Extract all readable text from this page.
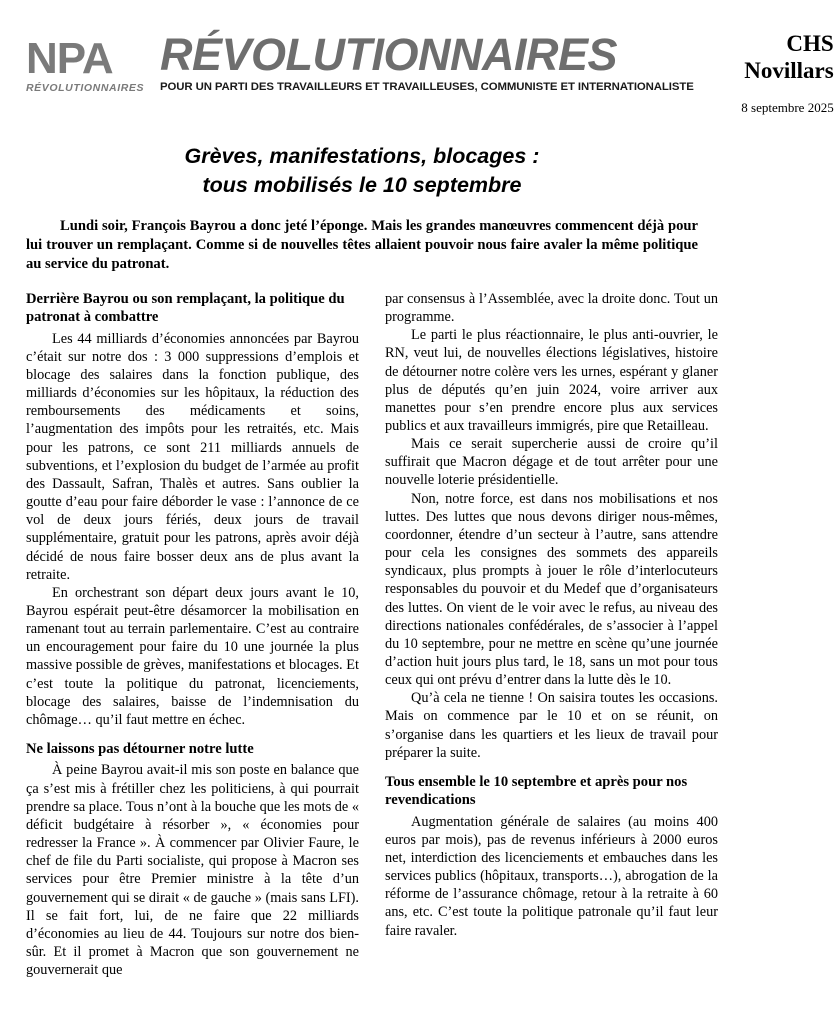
NPA
RÉVOLUTIONNAIRES
RÉVOLUTIONNAIRES
POUR UN PARTI DES TRAVAILLEURS ET TRAVAILLEUSES, COMMUNISTE ET INTERNATIONALISTE
CHS
Novillars
8 septembre 2025
Grèves, manifestations, blocages :
tous mobilisés le 10 septembre
Lundi soir, François Bayrou a donc jeté l’éponge. Mais les grandes manœuvres commencent déjà pour lui trouver un remplaçant. Comme si de nouvelles têtes allaient pouvoir nous faire avaler la même politique au service du patronat.
Derrière Bayrou ou son remplaçant, la politique du patronat à combattre

Les 44 milliards d’économies annoncées par Bayrou c’était sur notre dos : 3 000 suppressions d’emplois et blocage des salaires dans la fonction publique, des milliards d’économies sur les hôpitaux, la réduction des remboursements des médicaments et soins, l’augmentation des impôts pour les retraités, etc. Mais pour les patrons, ce sont 211 milliards annuels de subventions, et l’explosion du budget de l’armée au profit des Dassault, Safran, Thalès et autres. Sans oublier la goutte d’eau pour faire déborder le vase : l’annonce de ce vol de deux jours fériés, deux jours de travail supplémentaire, gratuit pour les patrons, après avoir déjà décidé de nous faire bosser deux ans de plus avant la retraite.

En orchestrant son départ deux jours avant le 10, Bayrou espérait peut-être désamorcer la mobilisation en ramenant tout au terrain parlementaire. C’est au contraire un encouragement pour faire du 10 une journée la plus massive possible de grèves, manifestations et blocages. Et c’est toute la politique du patronat, licenciements, blocage des salaires, baisse de l’indemnisation du chômage… qu’il faut mettre en échec.

Ne laissons pas détourner notre lutte

À peine Bayrou avait-il mis son poste en balance que ça s’est mis à frétiller chez les politiciens, à qui pourrait prendre sa place. Tous n’ont à la bouche que les mots de « déficit budgétaire à résorber », « économies pour redresser la France ». À commencer par Olivier Faure, le chef de file du Parti socialiste, qui propose à Macron ses services pour être Premier ministre à la tête d’un gouvernement qui se dirait « de gauche » (mais sans LFI). Il se fait fort, lui, de ne faire que 22 milliards d’économies au lieu de 44. Toujours sur notre dos bien-sûr. Et il promet à Macron que son gouvernement ne gouvernerait que

par consensus à l’Assemblée, avec la droite donc. Tout un programme.

Le parti le plus réactionnaire, le plus anti-ouvrier, le RN, veut lui, de nouvelles élections législatives, histoire de détourner notre colère vers les urnes, espérant y glaner plus de députés qu’en juin 2024, voire arriver aux manettes pour s’en prendre encore plus aux services publics et aux travailleurs immigrés, pire que Retailleau.

Mais ce serait supercherie aussi de croire qu’il suffirait que Macron dégage et de tout arrêter pour une nouvelle loterie présidentielle.

Non, notre force, est dans nos mobilisations et nos luttes. Des luttes que nous devons diriger nous-mêmes, coordonner, étendre d’un secteur à l’autre, sans attendre pour cela les consignes des sommets des appareils syndicaux, plus prompts à jouer le rôle d’interlocuteurs responsables du pouvoir et du Medef que d’organisateurs des luttes. On vient de le voir avec le refus, au niveau des directions nationales confédérales, de s’associer à l’appel du 10 septembre, pour ne mettre en scène qu’une journée d’action huit jours plus tard, le 18, sans un mot pour tous ceux qui ont prévu d’entrer dans la lutte dès le 10.

Qu’à cela ne tienne ! On saisira toutes les occasions. Mais on commence par le 10 et on se réunit, on s’organise dans les quartiers et les lieux de travail pour préparer la suite.

Tous ensemble le 10 septembre et après pour nos revendications

Augmentation générale de salaires (au moins 400 euros par mois), pas de revenus inférieurs à 2000 euros net, interdiction des licenciements et embauches dans les services publics (hôpitaux, transports…), abrogation de la réforme de l’assurance chômage, retour à la retraite à 60 ans, etc. C’est toute la politique patronale qu’il faut leur faire ravaler.
